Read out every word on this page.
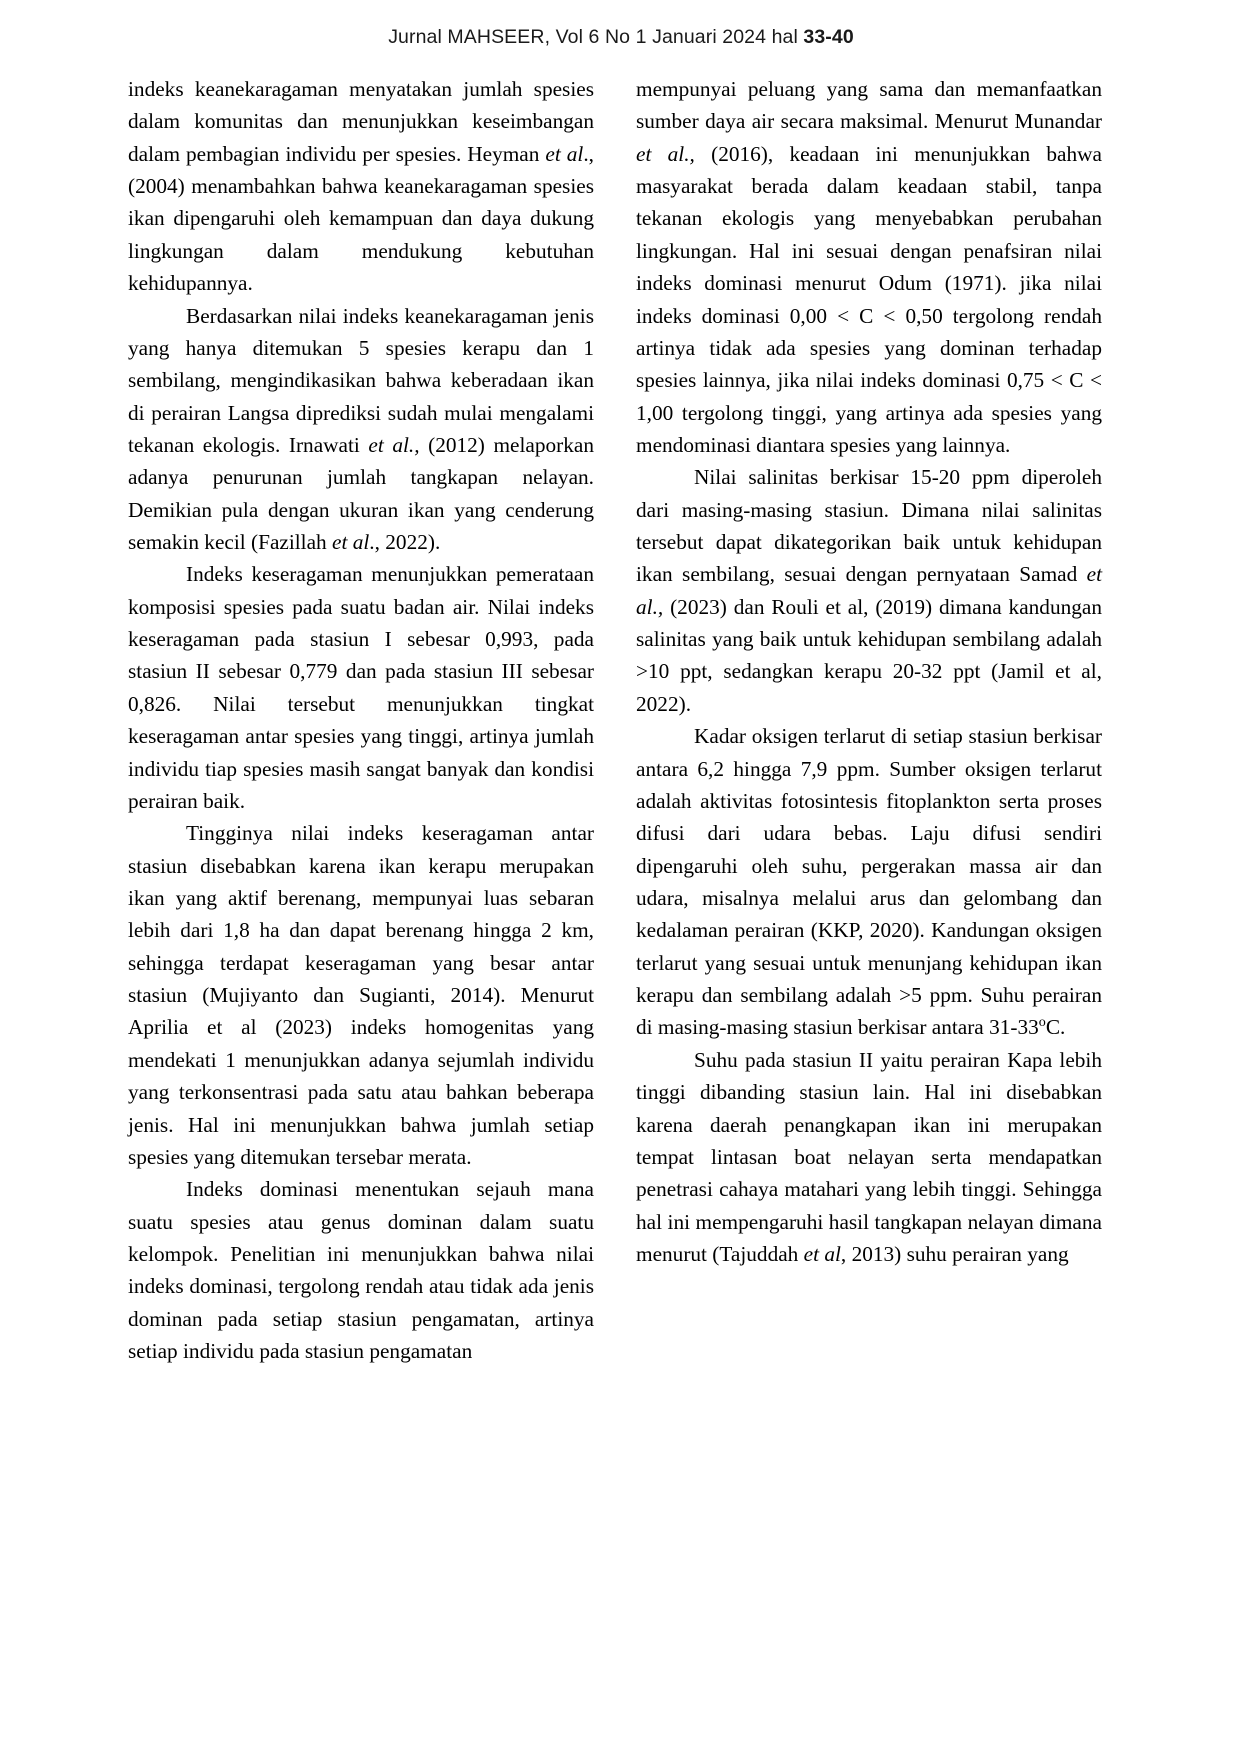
Jurnal MAHSEER, Vol 6 No 1 Januari 2024 hal 33-40

indeks keanekaragaman menyatakan jumlah spesies dalam komunitas dan menunjukkan keseimbangan dalam pembagian individu per spesies. Heyman et al., (2004) menambahkan bahwa keanekaragaman spesies ikan dipengaruhi oleh kemampuan dan daya dukung lingkungan dalam mendukung kebutuhan kehidupannya.

Berdasarkan nilai indeks keanekaragaman jenis yang hanya ditemukan 5 spesies kerapu dan 1 sembilang, mengindikasikan bahwa keberadaan ikan di perairan Langsa diprediksi sudah mulai mengalami tekanan ekologis. Irnawati et al., (2012) melaporkan adanya penurunan jumlah tangkapan nelayan. Demikian pula dengan ukuran ikan yang cenderung semakin kecil (Fazillah et al., 2022).

Indeks keseragaman menunjukkan pemerataan komposisi spesies pada suatu badan air. Nilai indeks keseragaman pada stasiun I sebesar 0,993, pada stasiun II sebesar 0,779 dan pada stasiun III sebesar 0,826. Nilai tersebut menunjukkan tingkat keseragaman antar spesies yang tinggi, artinya jumlah individu tiap spesies masih sangat banyak dan kondisi perairan baik.

Tingginya nilai indeks keseragaman antar stasiun disebabkan karena ikan kerapu merupakan ikan yang aktif berenang, mempunyai luas sebaran lebih dari 1,8 ha dan dapat berenang hingga 2 km, sehingga terdapat keseragaman yang besar antar stasiun (Mujiyanto dan Sugianti, 2014). Menurut Aprilia et al (2023) indeks homogenitas yang mendekati 1 menunjukkan adanya sejumlah individu yang terkonsentrasi pada satu atau bahkan beberapa jenis. Hal ini menunjukkan bahwa jumlah setiap spesies yang ditemukan tersebar merata.

Indeks dominasi menentukan sejauh mana suatu spesies atau genus dominan dalam suatu kelompok. Penelitian ini menunjukkan bahwa nilai indeks dominasi, tergolong rendah atau tidak ada jenis dominan pada setiap stasiun pengamatan, artinya setiap individu pada stasiun pengamatan

mempunyai peluang yang sama dan memanfaatkan sumber daya air secara maksimal. Menurut Munandar et al., (2016), keadaan ini menunjukkan bahwa masyarakat berada dalam keadaan stabil, tanpa tekanan ekologis yang menyebabkan perubahan lingkungan. Hal ini sesuai dengan penafsiran nilai indeks dominasi menurut Odum (1971). jika nilai indeks dominasi 0,00 < C < 0,50 tergolong rendah artinya tidak ada spesies yang dominan terhadap spesies lainnya, jika nilai indeks dominasi 0,75 < C < 1,00 tergolong tinggi, yang artinya ada spesies yang mendominasi diantara spesies yang lainnya.

Nilai salinitas berkisar 15-20 ppm diperoleh dari masing-masing stasiun. Dimana nilai salinitas tersebut dapat dikategorikan baik untuk kehidupan ikan sembilang, sesuai dengan pernyataan Samad et al., (2023) dan Rouli et al, (2019) dimana kandungan salinitas yang baik untuk kehidupan sembilang adalah >10 ppt, sedangkan kerapu 20-32 ppt (Jamil et al, 2022).

Kadar oksigen terlarut di setiap stasiun berkisar antara 6,2 hingga 7,9 ppm. Sumber oksigen terlarut adalah aktivitas fotosintesis fitoplankton serta proses difusi dari udara bebas. Laju difusi sendiri dipengaruhi oleh suhu, pergerakan massa air dan udara, misalnya melalui arus dan gelombang dan kedalaman perairan (KKP, 2020). Kandungan oksigen terlarut yang sesuai untuk menunjang kehidupan ikan kerapu dan sembilang adalah >5 ppm. Suhu perairan di masing-masing stasiun berkisar antara 31-33$^o$C.

Suhu pada stasiun II yaitu perairan Kapa lebih tinggi dibanding stasiun lain. Hal ini disebabkan karena daerah penangkapan ikan ini merupakan tempat lintasan boat nelayan serta mendapatkan penetrasi cahaya matahari yang lebih tinggi. Sehingga hal ini mempengaruhi hasil tangkapan nelayan dimana menurut (Tajuddah et al, 2013) suhu perairan yang
